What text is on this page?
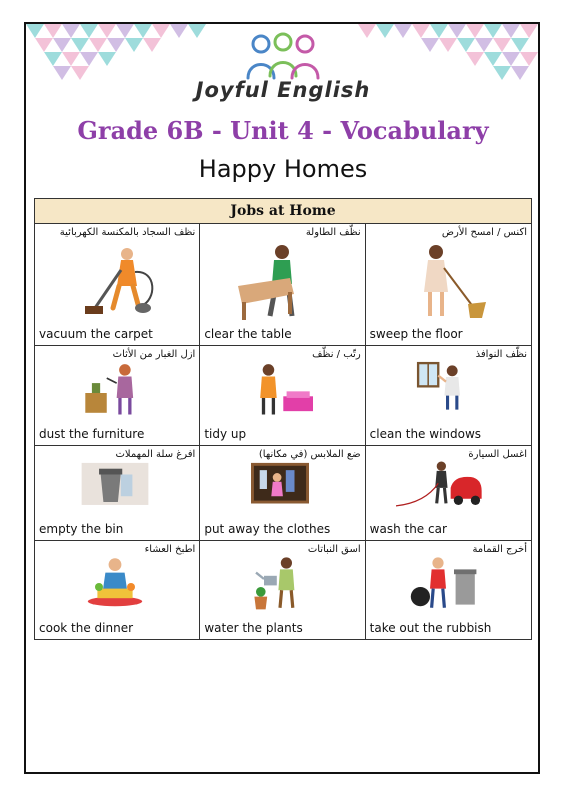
Joyful English
Grade 6B - Unit 4 - Vocabulary
Happy Homes
Jobs at Home
نظف السجاد بالمكنسة الكهربائية
vacuum the carpet
نظّف الطاولة
clear the table
اكنس / امسح الأرض
sweep the floor
ازل الغبار من الأثاث
dust the furniture
رتّب / نظّف
tidy up
نظّف النوافذ
clean the windows
افرغ سلة المهملات
empty the bin
ضع الملابس (في مكانها)
put away the clothes
اغسل السيارة
wash the car
اطبخ العشاء
cook the dinner
اسق النباتات
water the plants
أخرج القمامة
take out the rubbish
